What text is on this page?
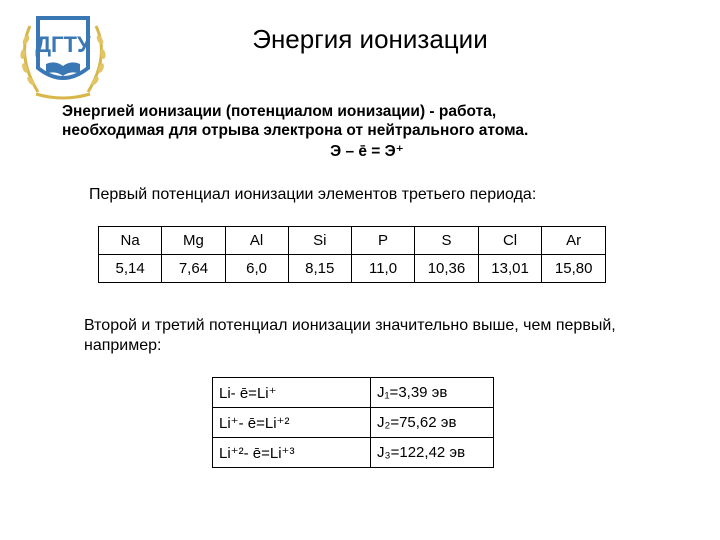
ДГТУ	Энергия ионизации
Энергией ионизации (потенциалом ионизации) - работа,
необходимая для отрыва электрона от нейтрального атома.
Э – ē = Э⁺
Первый потенциал ионизации элементов третьего периода:
Na	Mg	Al	Si	P	S	Cl	Ar
5,14	7,64	6,0	8,15	11,0	10,36	13,01	15,80
Второй и третий потенциал ионизации значительно выше, чем первый, например:
Li- ē=Li⁺	J₁=3,39 эв
Li⁺- ē=Li⁺²	J₂=75,62 эв
Li⁺²- ē=Li⁺³	J₃=122,42 эв
